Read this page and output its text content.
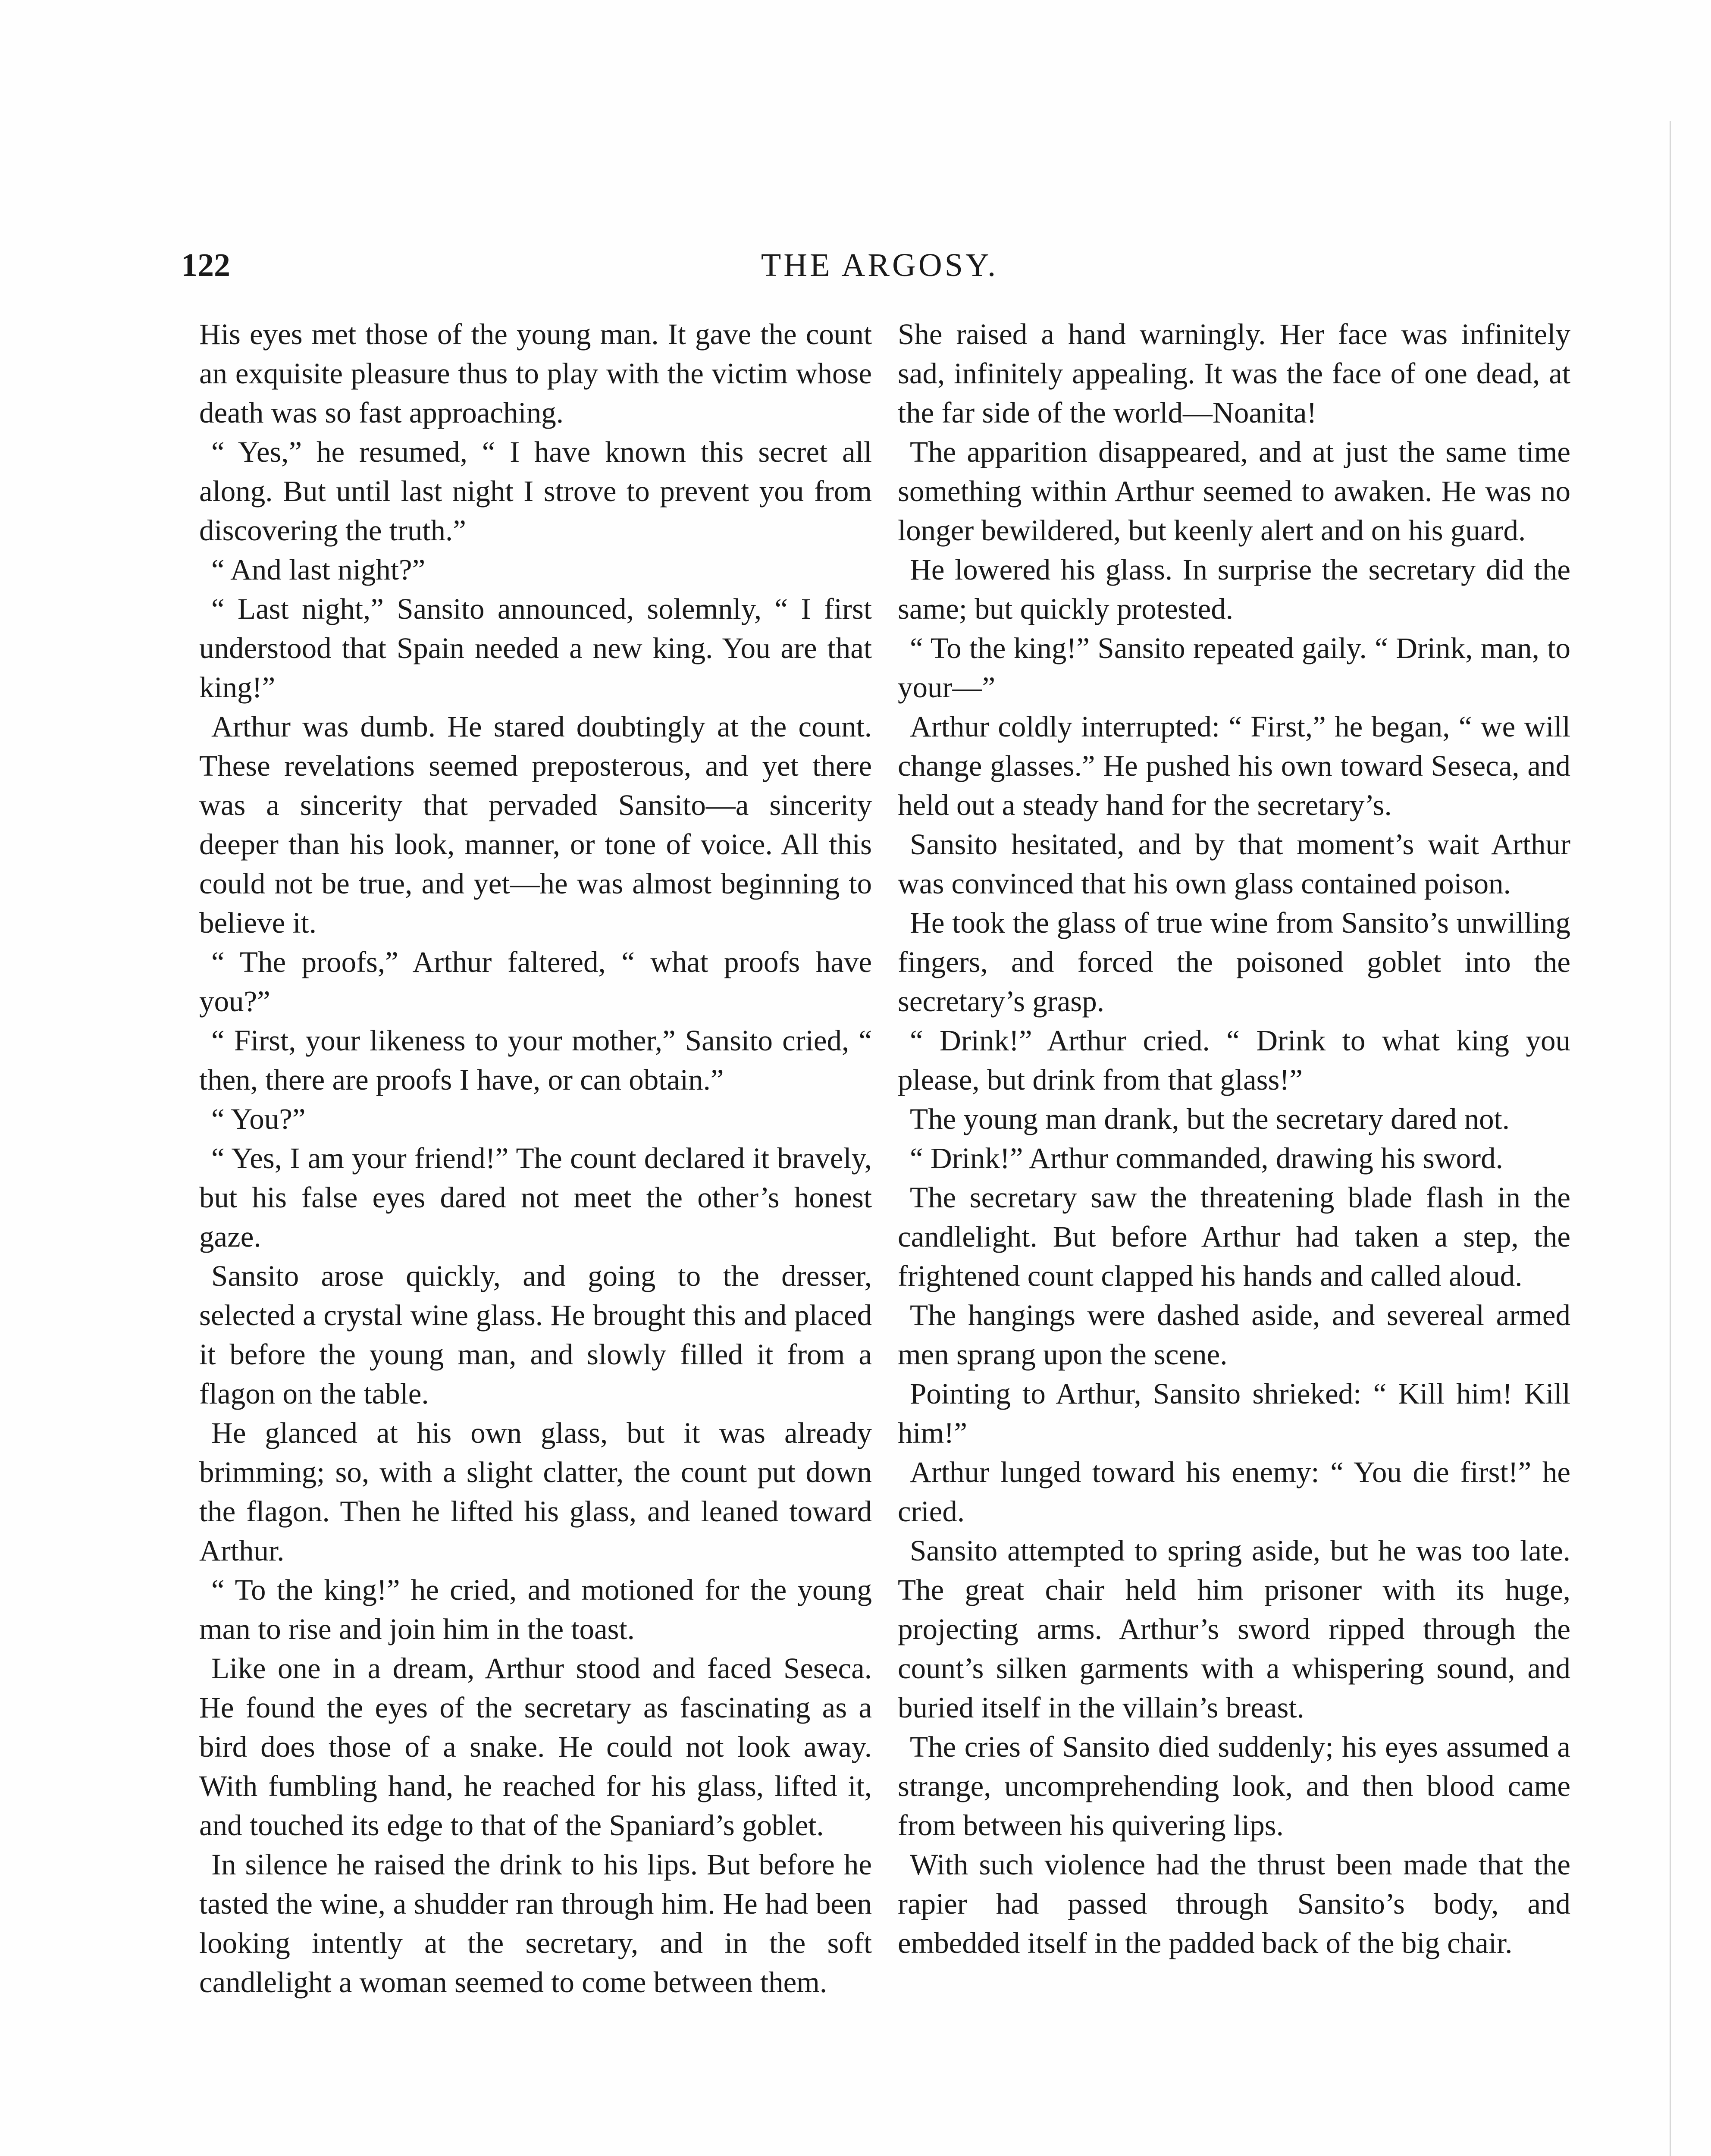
122	THE ARGOSY.

His eyes met those of the young man. It gave the count an exquisite pleasure thus to play with the victim whose death was so fast approaching.

“ Yes,” he resumed, “ I have known this secret all along. But until last night I strove to prevent you from discovering the truth.”

“ And last night?”

“ Last night,” Sansito announced, solemnly, “ I first understood that Spain needed a new king. You are that king!”

Arthur was dumb. He stared doubtingly at the count. These revelations seemed preposterous, and yet there was a sincerity that pervaded Sansito—a sincerity deeper than his look, manner, or tone of voice. All this could not be true, and yet—he was almost beginning to believe it.

“ The proofs,” Arthur faltered, “ what proofs have you?”

“ First, your likeness to your mother,” Sansito cried, “ then, there are proofs I have, or can obtain.”

“ You?”

“ Yes, I am your friend!” The count declared it bravely, but his false eyes dared not meet the other’s honest gaze.

Sansito arose quickly, and going to the dresser, selected a crystal wine glass. He brought this and placed it before the young man, and slowly filled it from a flagon on the table.

He glanced at his own glass, but it was already brimming; so, with a slight clatter, the count put down the flagon. Then he lifted his glass, and leaned toward Arthur.

“ To the king!” he cried, and motioned for the young man to rise and join him in the toast.

Like one in a dream, Arthur stood and faced Seseca. He found the eyes of the secretary as fascinating as a bird does those of a snake. He could not look away. With fumbling hand, he reached for his glass, lifted it, and touched its edge to that of the Spaniard’s goblet.

In silence he raised the drink to his lips. But before he tasted the wine, a shudder ran through him. He had been looking intently at the secretary, and in the soft candlelight a woman seemed to come between them.

She raised a hand warningly. Her face was infinitely sad, infinitely appealing. It was the face of one dead, at the far side of the world—Noanita!

The apparition disappeared, and at just the same time something within Arthur seemed to awaken. He was no longer bewildered, but keenly alert and on his guard.

He lowered his glass. In surprise the secretary did the same; but quickly protested.

“ To the king!” Sansito repeated gaily. “ Drink, man, to your—”

Arthur coldly interrupted: “ First,” he began, “ we will change glasses.” He pushed his own toward Seseca, and held out a steady hand for the secretary’s.

Sansito hesitated, and by that moment’s wait Arthur was convinced that his own glass contained poison.

He took the glass of true wine from Sansito’s unwilling fingers, and forced the poisoned goblet into the secretary’s grasp.

“ Drink!” Arthur cried. “ Drink to what king you please, but drink from that glass!”

The young man drank, but the secretary dared not.

“ Drink!” Arthur commanded, drawing his sword.

The secretary saw the threatening blade flash in the candlelight. But before Arthur had taken a step, the frightened count clapped his hands and called aloud.

The hangings were dashed aside, and severeal armed men sprang upon the scene.

Pointing to Arthur, Sansito shrieked: “ Kill him! Kill him!”

Arthur lunged toward his enemy: “ You die first!” he cried.

Sansito attempted to spring aside, but he was too late. The great chair held him prisoner with its huge, projecting arms. Arthur’s sword ripped through the count’s silken garments with a whispering sound, and buried itself in the villain’s breast.

The cries of Sansito died suddenly; his eyes assumed a strange, uncomprehending look, and then blood came from between his quivering lips.

With such violence had the thrust been made that the rapier had passed through Sansito’s body, and embedded itself in the padded back of the big chair.
